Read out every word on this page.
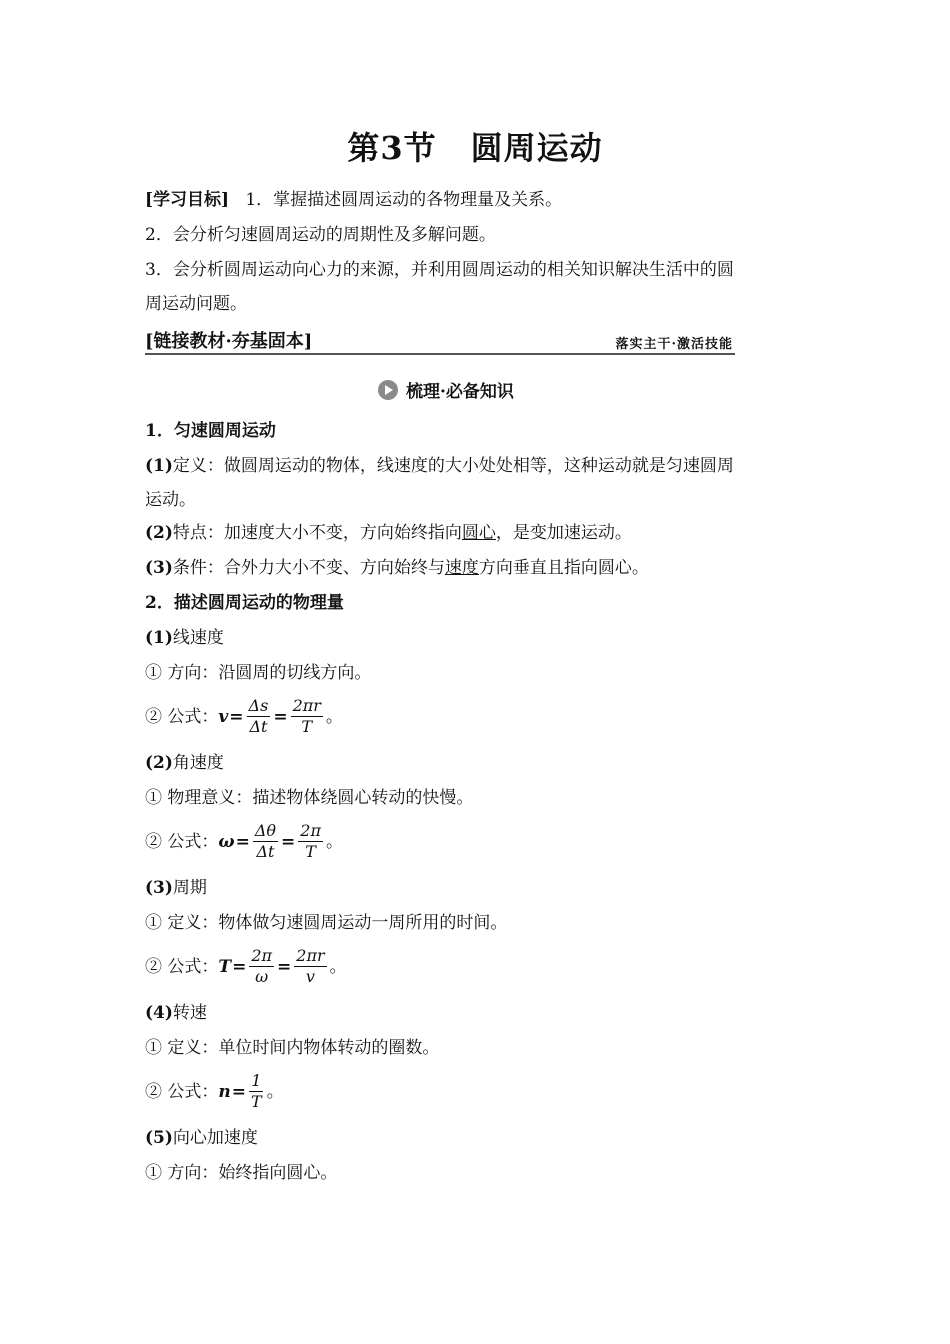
第3节 圆周运动
[学习目标] 1．掌握描述圆周运动的各物理量及关系。
2．会分析匀速圆周运动的周期性及多解问题。
3．会分析圆周运动向心力的来源，并利用圆周运动的相关知识解决生活中的圆
周运动问题。
[链接教材·夯基固本]	落实主干·激活技能
梳理·必备知识
1．匀速圆周运动
(1)定义：做圆周运动的物体，线速度的大小处处相等，这种运动就是匀速圆周
运动。
(2)特点：加速度大小不变，方向始终指向圆心，是变加速运动。
(3)条件：合外力大小不变、方向始终与速度方向垂直且指向圆心。
2．描述圆周运动的物理量
(1)线速度
① 方向：沿圆周的切线方向。
② 公式： $v = \frac{\Delta s}{\Delta t} = \frac{2\pi r}{T}$ 。
(2)角速度
① 物理意义：描述物体绕圆心转动的快慢。
② 公式： $\omega = \frac{\Delta\theta}{\Delta t} = \frac{2\pi}{T}$ 。
(3)周期
① 定义：物体做匀速圆周运动一周所用的时间。
② 公式： $T = \frac{2\pi}{\omega} = \frac{2\pi r}{v}$ 。
(4)转速
① 定义：单位时间内物体转动的圈数。
② 公式： $n = \frac{1}{T}$ 。
(5)向心加速度
① 方向：始终指向圆心。
